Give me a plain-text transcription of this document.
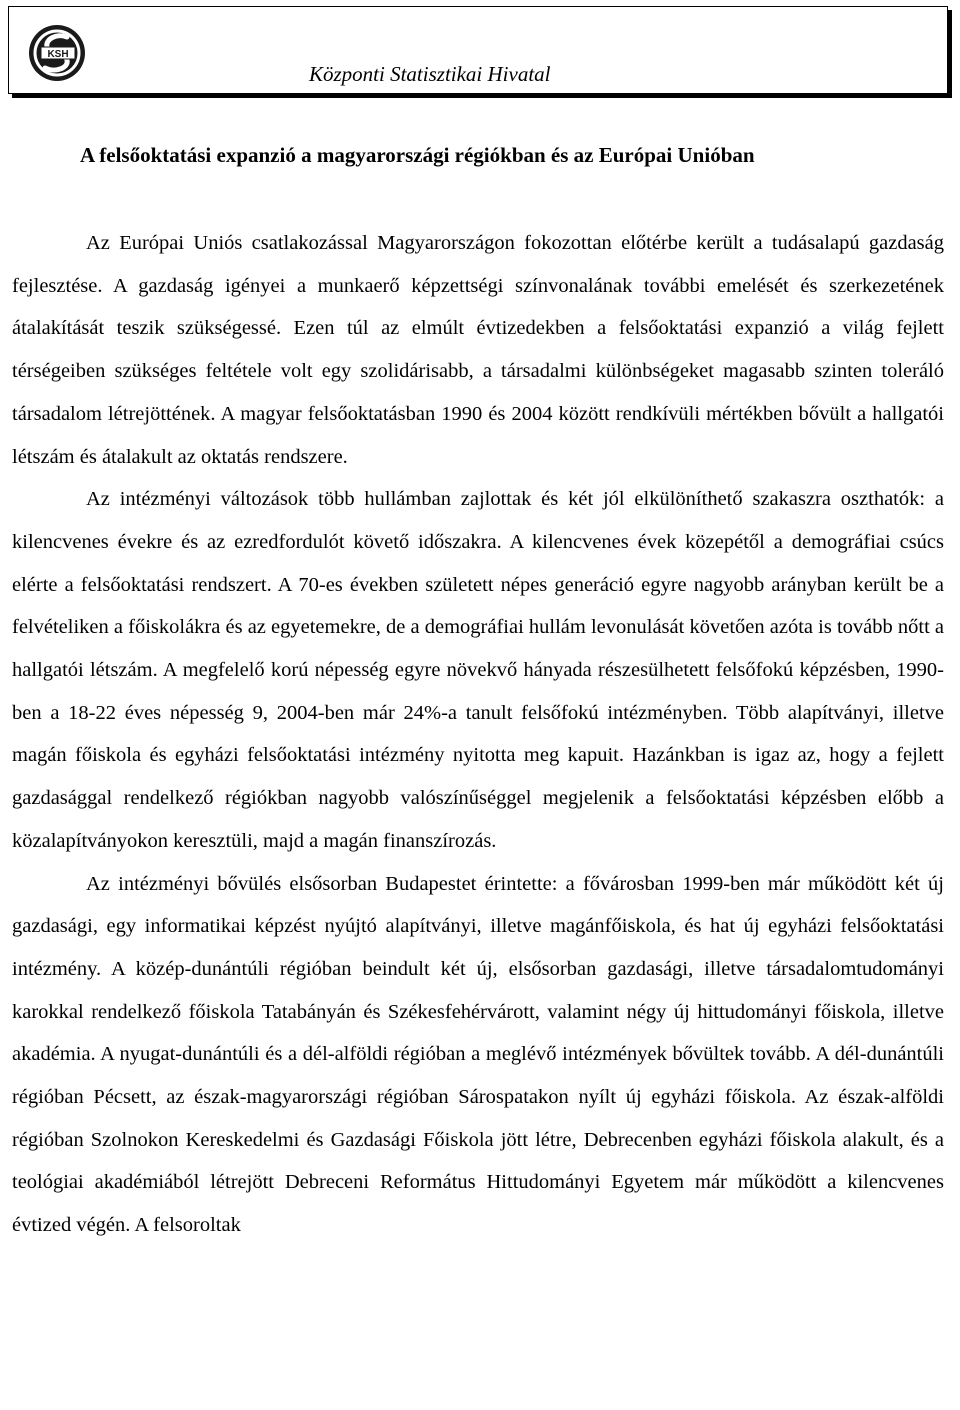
KSH
Központi Statisztikai Hivatal
A felsőoktatási expanzió a magyarországi régiókban és az Európai Unióban

Az Európai Uniós csatlakozással Magyarországon fokozottan előtérbe került a tudásalapú gazdaság fejlesztése. A gazdaság igényei a munkaerő képzettségi színvonalának további emelését és szerkezetének átalakítását teszik szükségessé. Ezen túl az elmúlt évtizedekben a felsőoktatási expanzió a világ fejlett térségeiben szükséges feltétele volt egy szolidárisabb, a társadalmi különbségeket magasabb szinten toleráló társadalom létrejöttének. A magyar felsőoktatásban 1990 és 2004 között rendkívüli mértékben bővült a hallgatói létszám és átalakult az oktatás rendszere.

Az intézményi változások több hullámban zajlottak és két jól elkülöníthető szakaszra oszthatók: a kilencvenes évekre és az ezredfordulót követő időszakra. A kilencvenes évek közepétől a demográfiai csúcs elérte a felsőoktatási rendszert. A 70-es években született népes generáció egyre nagyobb arányban került be a felvételiken a főiskolákra és az egyetemekre, de a demográfiai hullám levonulását követően azóta is tovább nőtt a hallgatói létszám. A megfelelő korú népesség egyre növekvő hányada részesülhetett felsőfokú képzésben, 1990-ben a 18-22 éves népesség 9, 2004-ben már 24%-a tanult felsőfokú intézményben. Több alapítványi, illetve magán főiskola és egyházi felsőoktatási intézmény nyitotta meg kapuit. Hazánkban is igaz az, hogy a fejlett gazdasággal rendelkező régiókban nagyobb valószínűséggel megjelenik a felsőoktatási képzésben előbb a közalapítványokon keresztüli, majd a magán finanszírozás.

Az intézményi bővülés elsősorban Budapestet érintette: a fővárosban 1999-ben már működött két új gazdasági, egy informatikai képzést nyújtó alapítványi, illetve magánfőiskola, és hat új egyházi felsőoktatási intézmény. A közép-dunántúli régióban beindult két új, elsősorban gazdasági, illetve társadalomtudományi karokkal rendelkező főiskola Tatabányán és Székesfehérvárott, valamint négy új hittudományi főiskola, illetve akadémia. A nyugat-dunántúli és a dél-alföldi régióban a meglévő intézmények bővültek tovább. A dél-dunántúli régióban Pécsett, az észak-magyarországi régióban Sárospatakon nyílt új egyházi főiskola. Az észak-alföldi régióban Szolnokon Kereskedelmi és Gazdasági Főiskola jött létre, Debrecenben egyházi főiskola alakult, és a teológiai akadémiából létrejött Debreceni Református Hittudományi Egyetem már működött a kilencvenes évtized végén. A felsoroltak
